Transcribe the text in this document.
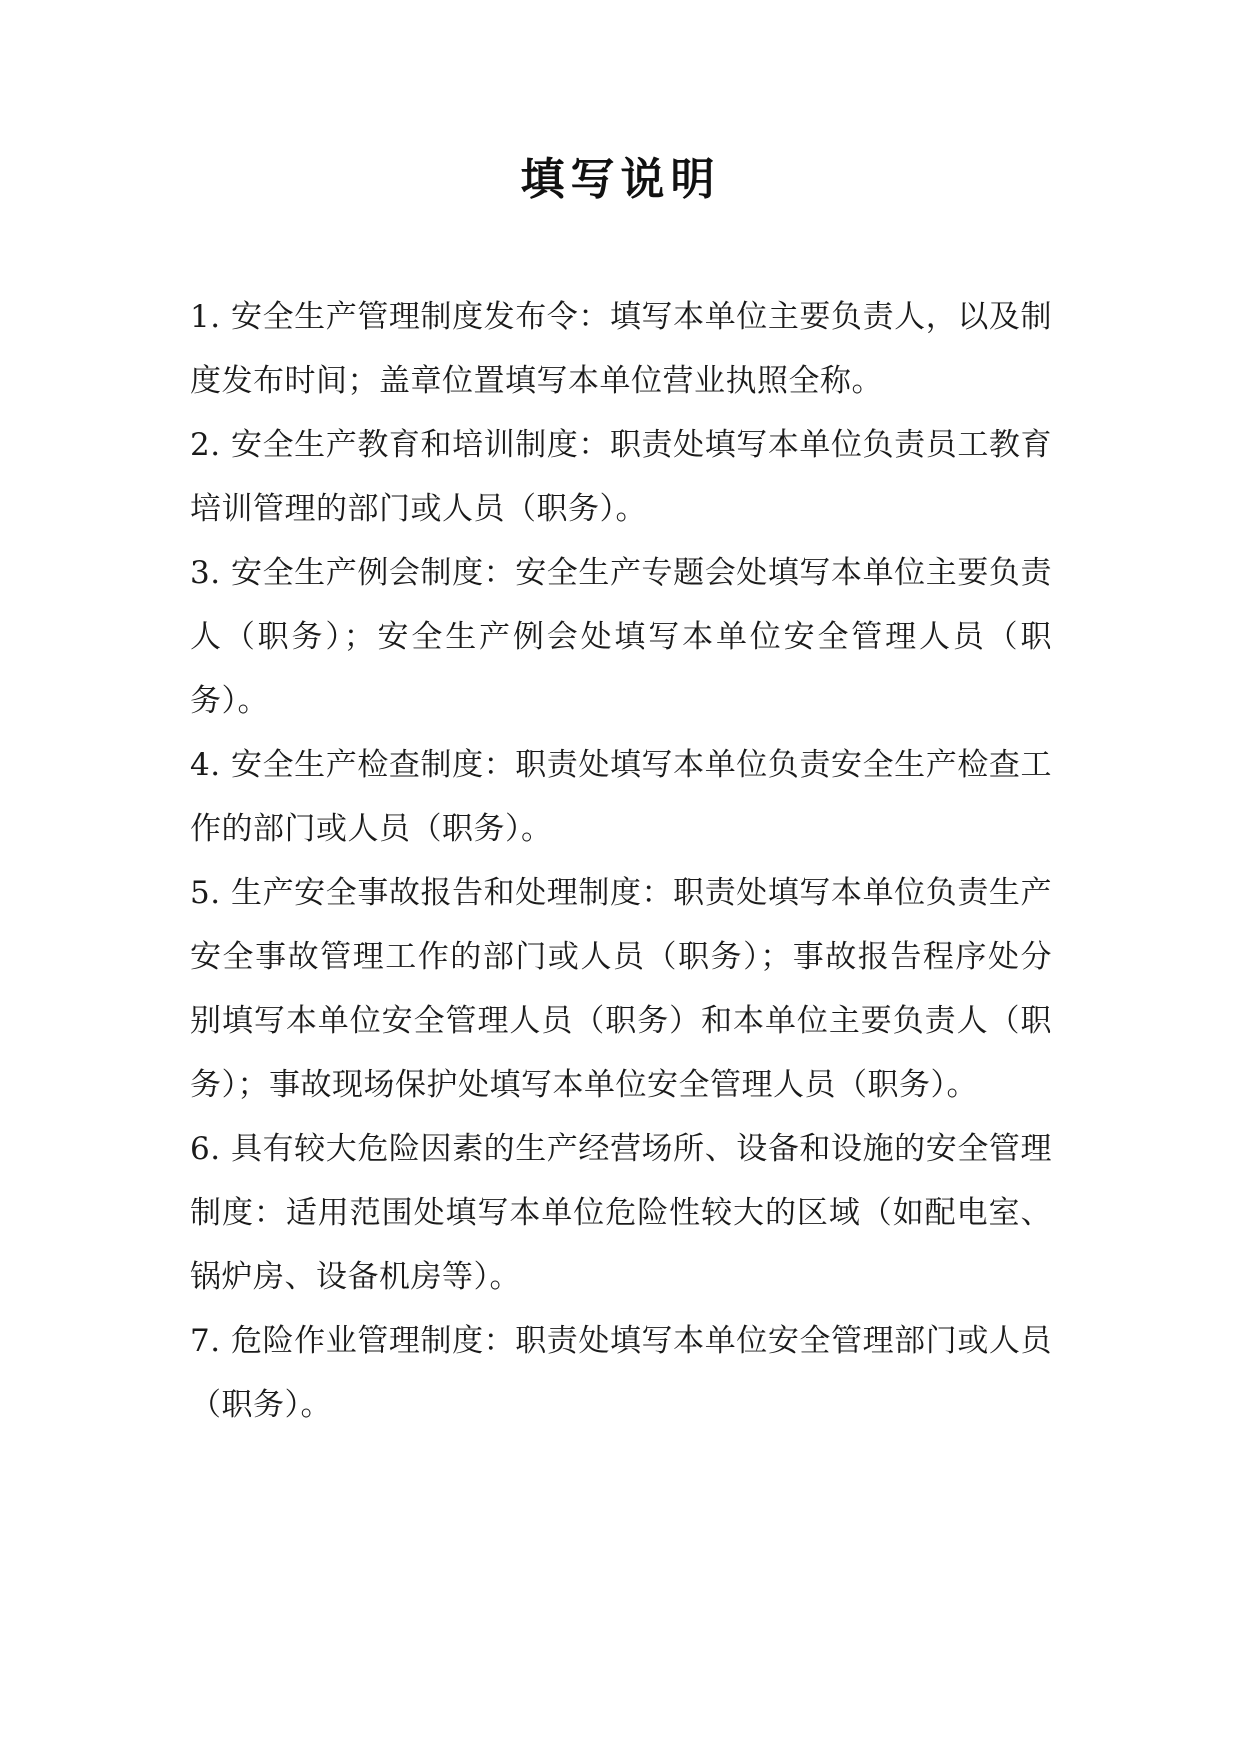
填写说明

1. 安全生产管理制度发布令：填写本单位主要负责人，以及制度发布时间；盖章位置填写本单位营业执照全称。

2. 安全生产教育和培训制度：职责处填写本单位负责员工教育培训管理的部门或人员（职务）。

3. 安全生产例会制度：安全生产专题会处填写本单位主要负责人（职务）；安全生产例会处填写本单位安全管理人员（职务）。

4. 安全生产检查制度：职责处填写本单位负责安全生产检查工作的部门或人员（职务）。

5. 生产安全事故报告和处理制度：职责处填写本单位负责生产安全事故管理工作的部门或人员（职务）；事故报告程序处分别填写本单位安全管理人员（职务）和本单位主要负责人（职务）；事故现场保护处填写本单位安全管理人员（职务）。

6. 具有较大危险因素的生产经营场所、设备和设施的安全管理制度：适用范围处填写本单位危险性较大的区域（如配电室、锅炉房、设备机房等）。

7. 危险作业管理制度：职责处填写本单位安全管理部门或人员（职务）。
